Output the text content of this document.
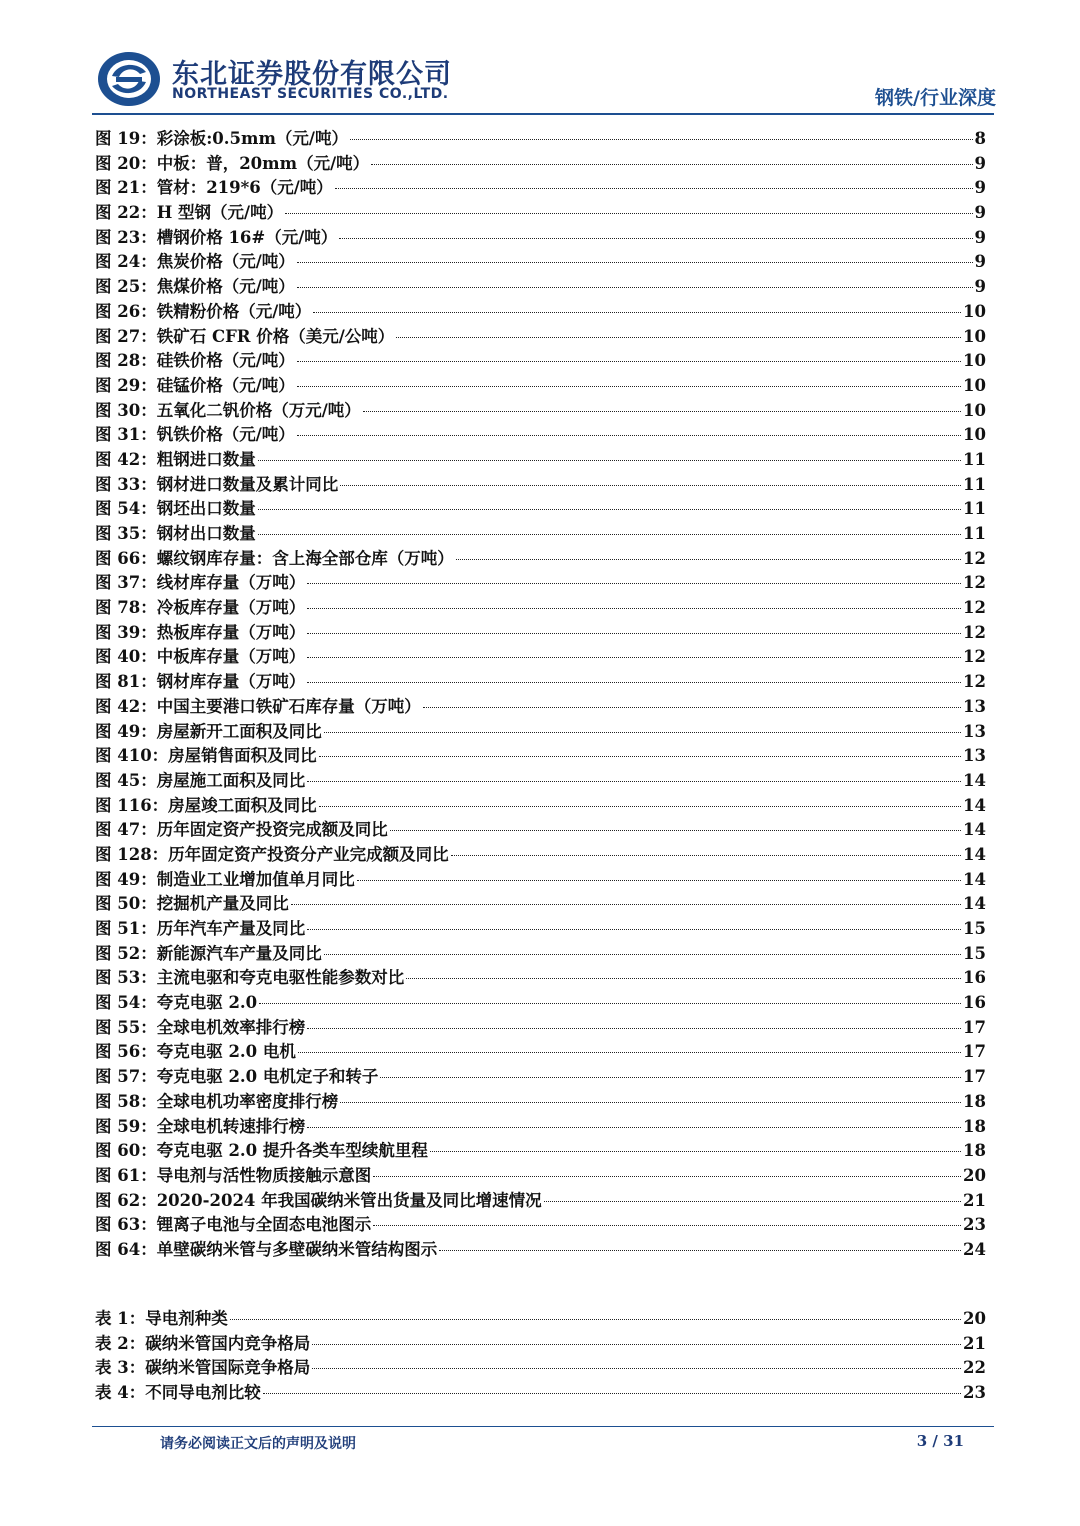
东北证券股份有限公司
NORTHEAST SECURITIES CO.,LTD.	钢铁/行业深度
图 19：彩涂板:0.5mm（元/吨）	8
图 20：中板：普，20mm（元/吨）	9
图 21：管材：219*6（元/吨）	9
图 22：H 型钢（元/吨）	9
图 23：槽钢价格 16#（元/吨）	9
图 24：焦炭价格（元/吨）	9
图 25：焦煤价格（元/吨）	9
图 26：铁精粉价格（元/吨）	10
图 27：铁矿石 CFR 价格（美元/公吨）	10
图 28：硅铁价格（元/吨）	10
图 29：硅锰价格（元/吨）	10
图 30：五氧化二钒价格（万元/吨）	10
图 31：钒铁价格（元/吨）	10
图 42：粗钢进口数量	11
图 33：钢材进口数量及累计同比	11
图 54：钢坯出口数量	11
图 35：钢材出口数量	11
图 66：螺纹钢库存量：含上海全部仓库（万吨）	12
图 37：线材库存量（万吨）	12
图 78：冷板库存量（万吨）	12
图 39：热板库存量（万吨）	12
图 40：中板库存量（万吨）	12
图 81：钢材库存量（万吨）	12
图 42：中国主要港口铁矿石库存量（万吨）	13
图 49：房屋新开工面积及同比	13
图 410：房屋销售面积及同比	13
图 45：房屋施工面积及同比	14
图 116：房屋竣工面积及同比	14
图 47：历年固定资产投资完成额及同比	14
图 128：历年固定资产投资分产业完成额及同比	14
图 49：制造业工业增加值单月同比	14
图 50：挖掘机产量及同比	14
图 51：历年汽车产量及同比	15
图 52：新能源汽车产量及同比	15
图 53：主流电驱和夸克电驱性能参数对比	16
图 54：夸克电驱 2.0	16
图 55：全球电机效率排行榜	17
图 56：夸克电驱 2.0 电机	17
图 57：夸克电驱 2.0 电机定子和转子	17
图 58：全球电机功率密度排行榜	18
图 59：全球电机转速排行榜	18
图 60：夸克电驱 2.0 提升各类车型续航里程	18
图 61：导电剂与活性物质接触示意图	20
图 62：2020-2024 年我国碳纳米管出货量及同比增速情况	21
图 63：锂离子电池与全固态电池图示	23
图 64：单壁碳纳米管与多壁碳纳米管结构图示	24
表 1：导电剂种类	20
表 2：碳纳米管国内竞争格局	21
表 3：碳纳米管国际竞争格局	22
表 4：不同导电剂比较	23
请务必阅读正文后的声明及说明	3 / 31
